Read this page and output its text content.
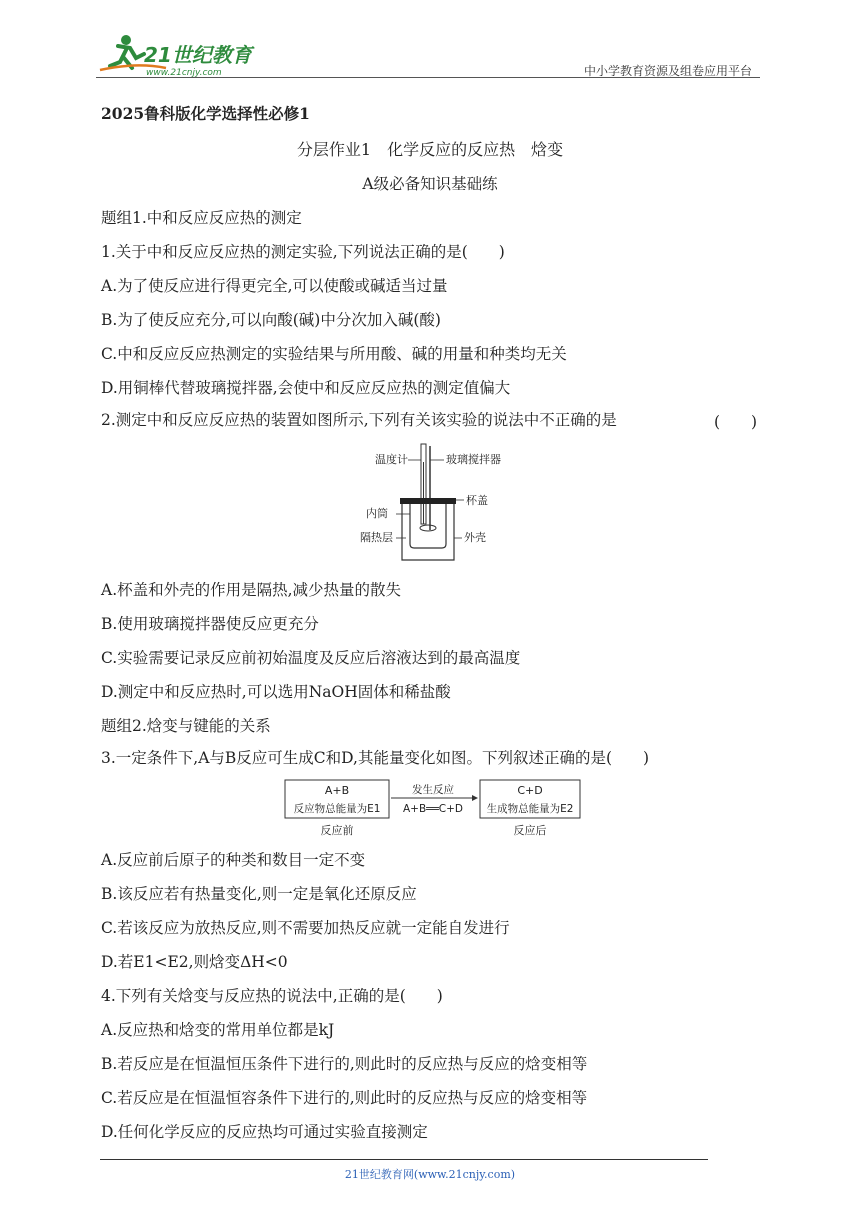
21世纪教育
www.21cnjy.com	中小学教育资源及组卷应用平台
2025鲁科版化学选择性必修1
分层作业1　化学反应的反应热　焓变
A级必备知识基础练
题组1.中和反应反应热的测定
1.关于中和反应反应热的测定实验,下列说法正确的是(　　)
A.为了使反应进行得更完全,可以使酸或碱适当过量
B.为了使反应充分,可以向酸(碱)中分次加入碱(酸)
C.中和反应反应热测定的实验结果与所用酸、碱的用量和种类均无关
D.用铜棒代替玻璃搅拌器,会使中和反应反应热的测定值偏大
2.测定中和反应反应热的装置如图所示,下列有关该实验的说法中不正确的是	(　　)
温度计	玻璃搅拌器
杯盖
内筒
隔热层	外壳
A.杯盖和外壳的作用是隔热,减少热量的散失
B.使用玻璃搅拌器使反应更充分
C.实验需要记录反应前初始温度及反应后溶液达到的最高温度
D.测定中和反应热时,可以选用NaOH固体和稀盐酸
题组2.焓变与键能的关系
3.一定条件下,A与B反应可生成C和D,其能量变化如图。下列叙述正确的是(　　)
A+B
反应物总能量为E1
反应前
发生反应
A+B══C+D
C+D
生成物总能量为E2
反应后
A.反应前后原子的种类和数目一定不变
B.该反应若有热量变化,则一定是氧化还原反应
C.若该反应为放热反应,则不需要加热反应就一定能自发进行
D.若E1<E2,则焓变ΔH<0
4.下列有关焓变与反应热的说法中,正确的是(　　)
A.反应热和焓变的常用单位都是kJ
B.若反应是在恒温恒压条件下进行的,则此时的反应热与反应的焓变相等
C.若反应是在恒温恒容条件下进行的,则此时的反应热与反应的焓变相等
D.任何化学反应的反应热均可通过实验直接测定
21世纪教育网(www.21cnjy.com)
